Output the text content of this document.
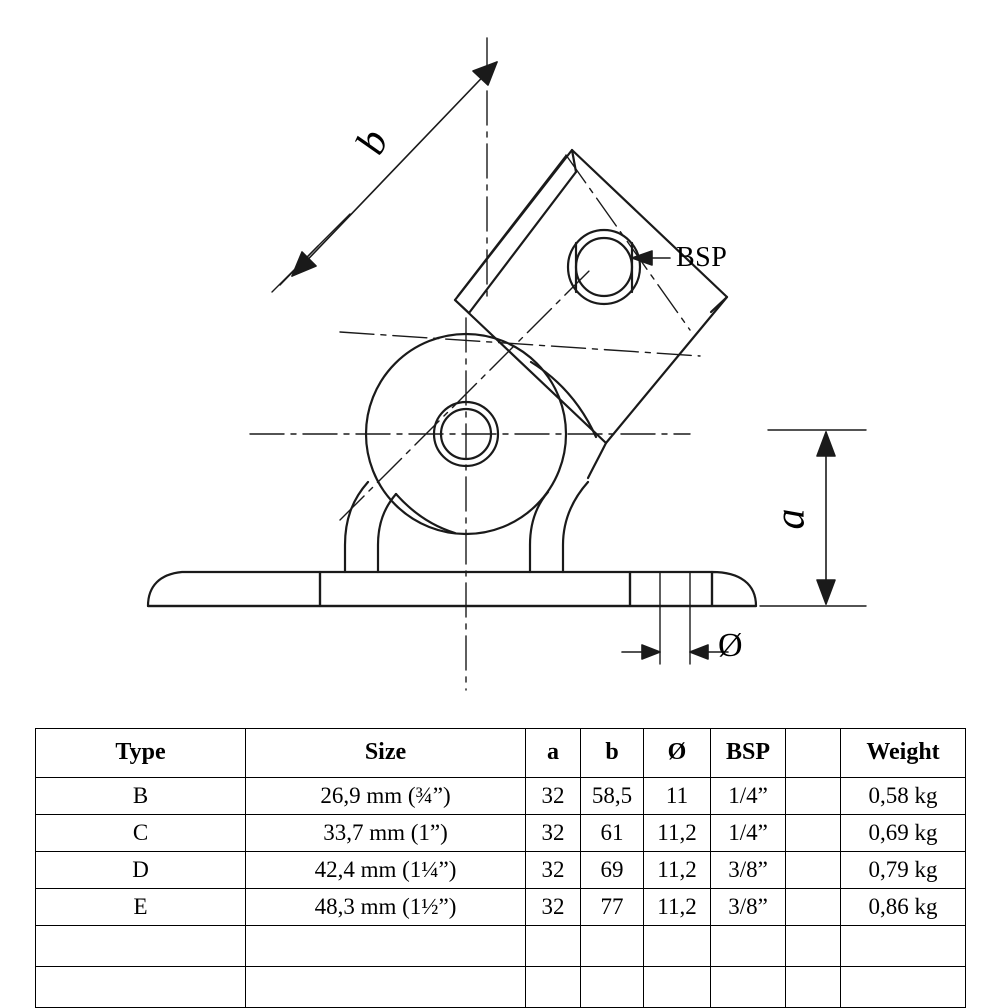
b
a
Ø
BSP
Type	Size	a	b	Ø	BSP		Weight
B	26,9 mm (¾”)	32	58,5	11	1/4”		0,58 kg
C	33,7 mm (1”)	32	61	11,2	1/4”		0,69 kg
D	42,4 mm (1¼”)	32	69	11,2	3/8”		0,79 kg
E	48,3 mm (1½”)	32	77	11,2	3/8”		0,86 kg
